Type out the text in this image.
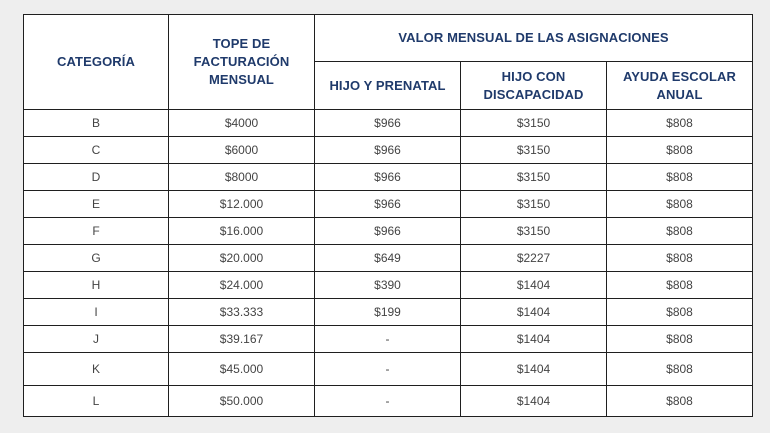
CATEGORÍA	TOPE DE FACTURACIÓN MENSUAL	VALOR MENSUAL DE LAS ASIGNACIONES		
		HIJO Y PRENATAL	HIJO CON DISCAPACIDAD	AYUDA ESCOLAR ANUAL

B	$4000	$966	$3150	$808
C	$6000	$966	$3150	$808
D	$8000	$966	$3150	$808
E	$12.000	$966	$3150	$808
F	$16.000	$966	$3150	$808
G	$20.000	$649	$2227	$808
H	$24.000	$390	$1404	$808
I	$33.333	$199	$1404	$808
J	$39.167	-	$1404	$808
K	$45.000	-	$1404	$808
L	$50.000	-	$1404	$808
